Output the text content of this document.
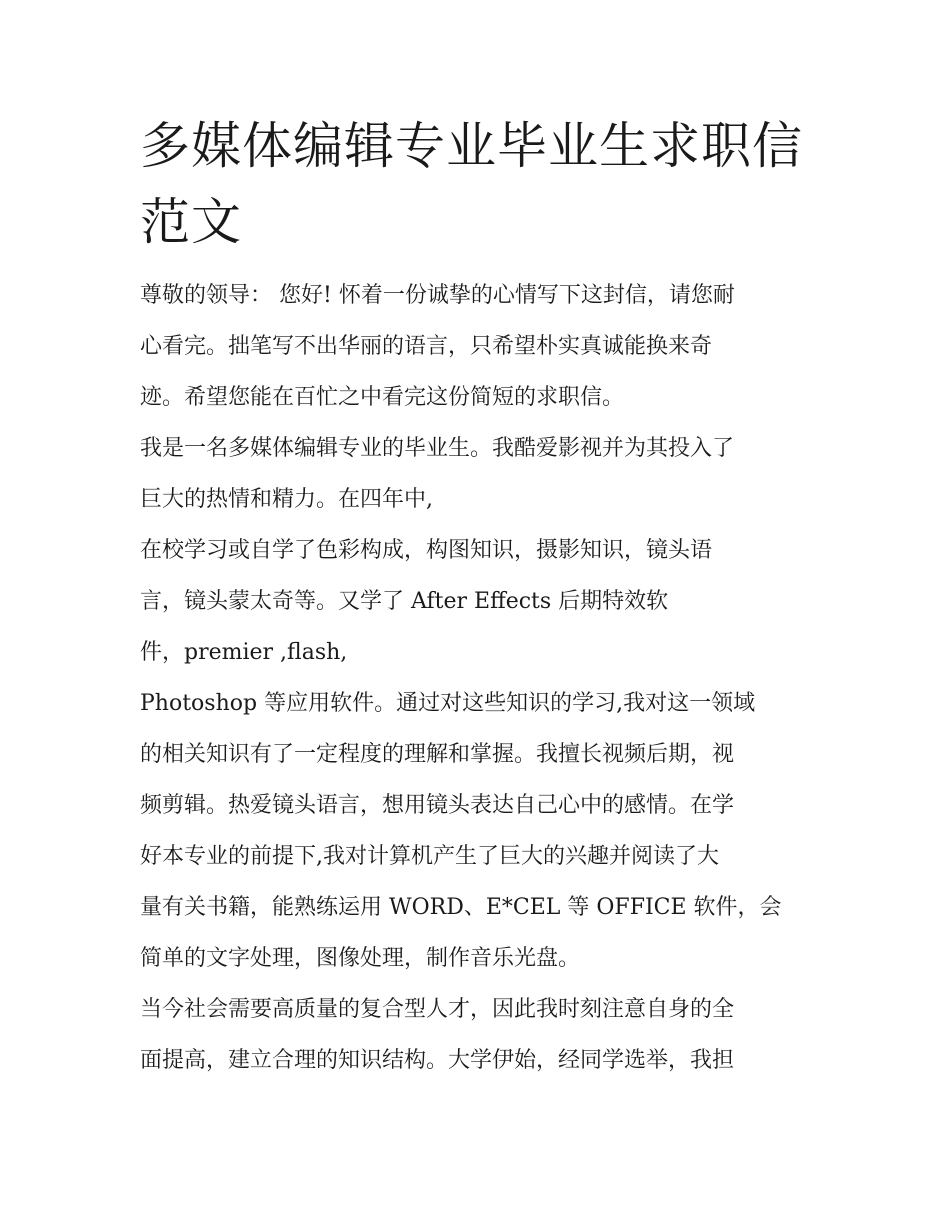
多媒体编辑专业毕业生求职信
范文

尊敬的领导： 您好! 怀着一份诚挚的心情写下这封信，请您耐
心看完。拙笔写不出华丽的语言，只希望朴实真诚能换来奇
迹。希望您能在百忙之中看完这份简短的求职信。

我是一名多媒体编辑专业的毕业生。我酷爱影视并为其投入了
巨大的热情和精力。在四年中,

在校学习或自学了色彩构成，构图知识，摄影知识，镜头语
言，镜头蒙太奇等。又学了 After Effects 后期特效软
件，premier ,flash,

Photoshop 等应用软件。通过对这些知识的学习,我对这一领域
的相关知识有了一定程度的理解和掌握。我擅长视频后期，视
频剪辑。热爱镜头语言，想用镜头表达自己心中的感情。在学
好本专业的前提下,我对计算机产生了巨大的兴趣并阅读了大
量有关书籍，能熟练运用 WORD、E*CEL 等 OFFICE 软件，会
简单的文字处理，图像处理，制作音乐光盘。

当今社会需要高质量的复合型人才，因此我时刻注意自身的全
面提高，建立合理的知识结构。大学伊始，经同学选举，我担
